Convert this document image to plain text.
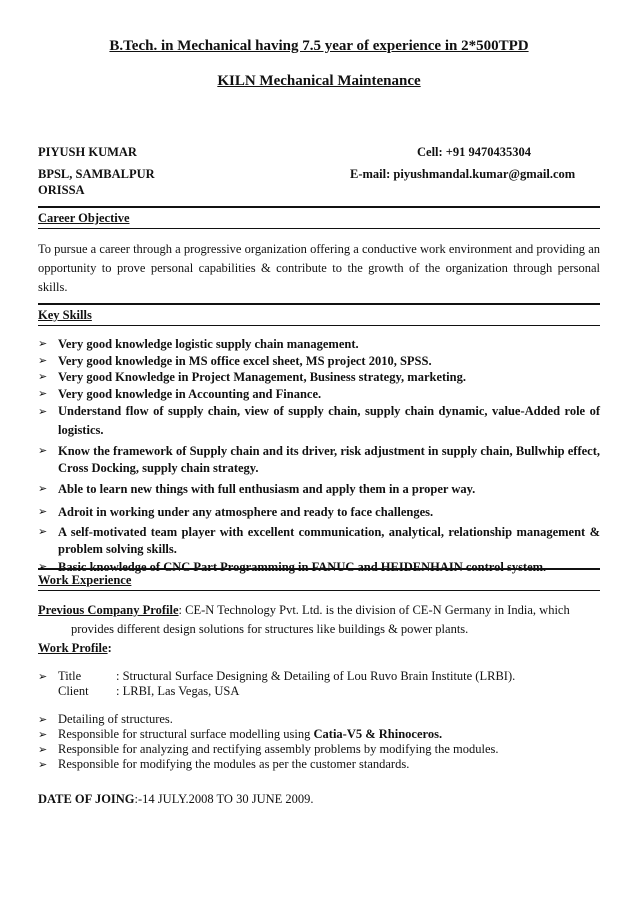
B.Tech. in Mechanical having 7.5 year of experience in 2*500TPD
KILN Mechanical Maintenance
PIYUSH KUMAR	Cell: +91 9470435304
BPSL, SAMBALPUR	E-mail: piyushmandal.kumar@gmail.com
ORISSA
Career Objective
To pursue a career through a progressive organization offering a conductive work environment and providing an opportunity to prove personal capabilities & contribute to the growth of the organization through personal skills.
Key Skills
➢ Very good knowledge logistic supply chain management.
➢ Very good knowledge in MS office excel sheet, MS project 2010, SPSS.
➢ Very good Knowledge in Project Management, Business strategy, marketing.
➢ Very good knowledge in Accounting and Finance.
➢ Understand flow of supply chain, view of supply chain, supply chain dynamic, value-Added role of logistics.
➢ Know the framework of Supply chain and its driver, risk adjustment in supply chain, Bullwhip effect, Cross Docking, supply chain strategy.
➢ Able to learn new things with full enthusiasm and apply them in a proper way.
➢ Adroit in working under any atmosphere and ready to face challenges.
➢ A self-motivated team player with excellent communication, analytical, relationship management & problem solving skills.
➢ Basic knowledge of CNC Part Programming in FANUC and HEIDENHAIN control system.
Work Experience
Previous Company Profile: CE-N Technology Pvt. Ltd. is the division of CE-N Germany in India, which
provides different design solutions for structures like buildings & power plants.
Work Profile:
➢ Title	: Structural Surface Designing & Detailing of Lou Ruvo Brain Institute (LRBI).
Client : LRBI, Las Vegas, USA
➢ Detailing of structures.
➢ Responsible for structural surface modelling using Catia-V5 & Rhinoceros.
➢ Responsible for analyzing and rectifying assembly problems by modifying the modules.
➢ Responsible for modifying the modules as per the customer standards.
DATE OF JOING:-14 JULY.2008 TO 30 JUNE 2009.
